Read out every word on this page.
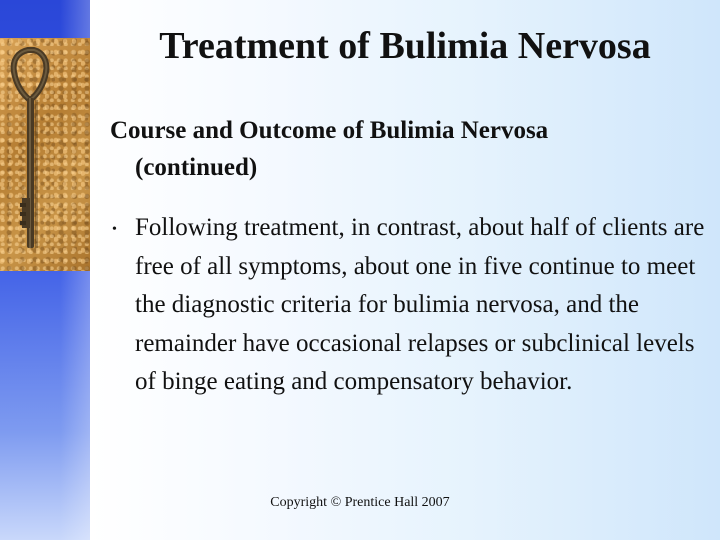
Treatment of Bulimia Nervosa
Course and Outcome of Bulimia Nervosa
(continued)
• Following treatment, in contrast, about half of clients are free of all symptoms, about one in five continue to meet the diagnostic criteria for bulimia nervosa, and the remainder have occasional relapses or subclinical levels of binge eating and compensatory behavior.
Copyright © Prentice Hall 2007
